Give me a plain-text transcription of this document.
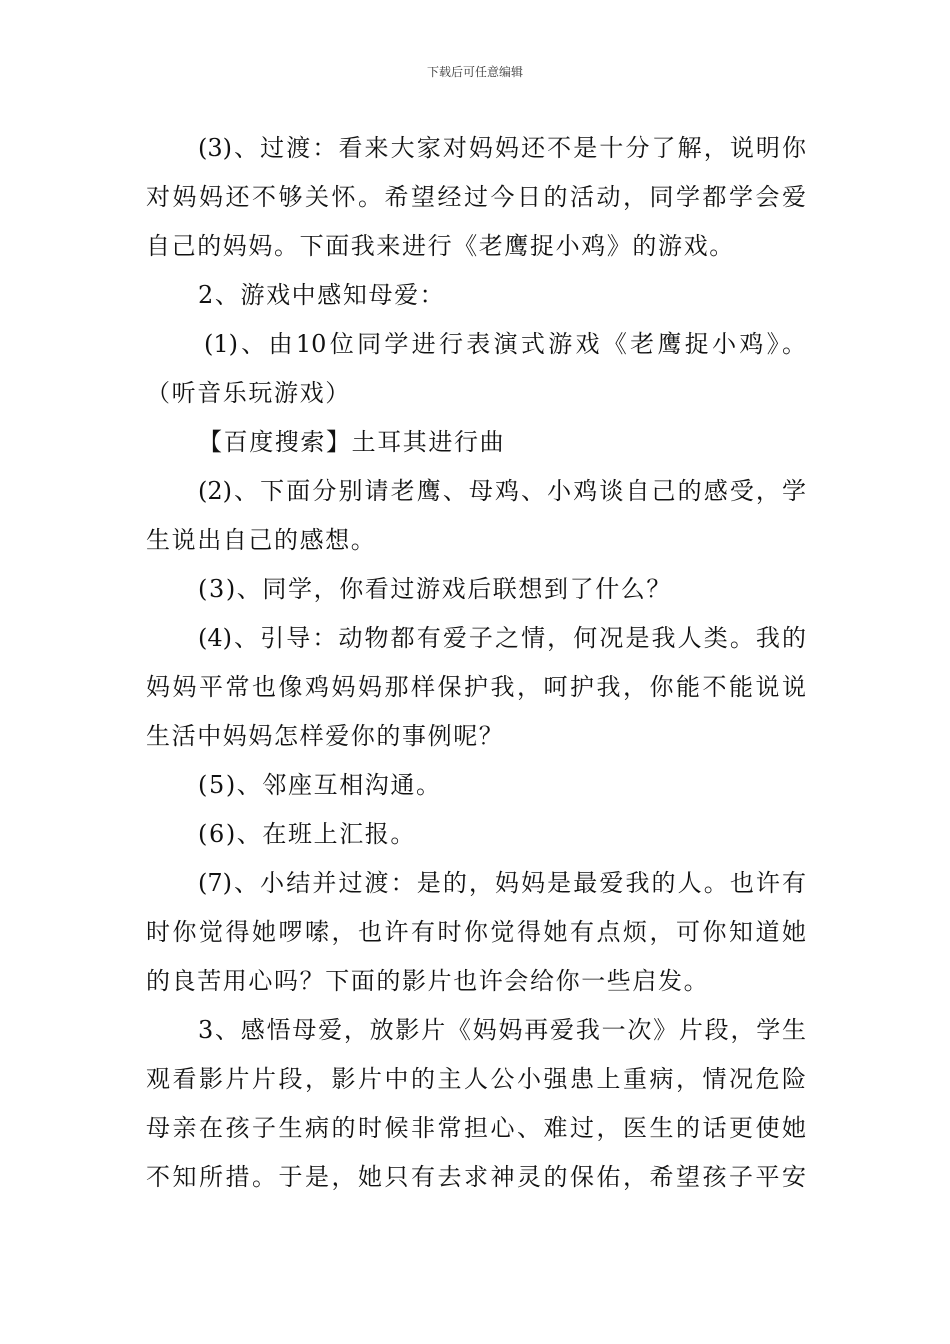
下载后可任意编辑
(3)、过渡：看来大家对妈妈还不是十分了解，说明你
对妈妈还不够关怀。希望经过今日的活动，同学都学会爱
自己的妈妈。下面我来进行《老鹰捉小鸡》的游戏。
2、游戏中感知母爱：
(1)、由10位同学进行表演式游戏《老鹰捉小鸡》。
（听音乐玩游戏）
【百度搜索】土耳其进行曲
(2)、下面分别请老鹰、母鸡、小鸡谈自己的感受，学
生说出自己的感想。
(3)、同学，你看过游戏后联想到了什么？
(4)、引导：动物都有爱子之情，何况是我人类。我的
妈妈平常也像鸡妈妈那样保护我，呵护我，你能不能说说
生活中妈妈怎样爱你的事例呢？
(5)、邻座互相沟通。
(6)、在班上汇报。
(7)、小结并过渡：是的，妈妈是最爱我的人。也许有
时你觉得她啰嗦，也许有时你觉得她有点烦，可你知道她
的良苦用心吗？下面的影片也许会给你一些启发。
3、感悟母爱，放影片《妈妈再爱我一次》片段，学生
观看影片片段，影片中的主人公小强患上重病，情况危险
母亲在孩子生病的时候非常担心、难过，医生的话更使她
不知所措。于是，她只有去求神灵的保佑，希望孩子平安
